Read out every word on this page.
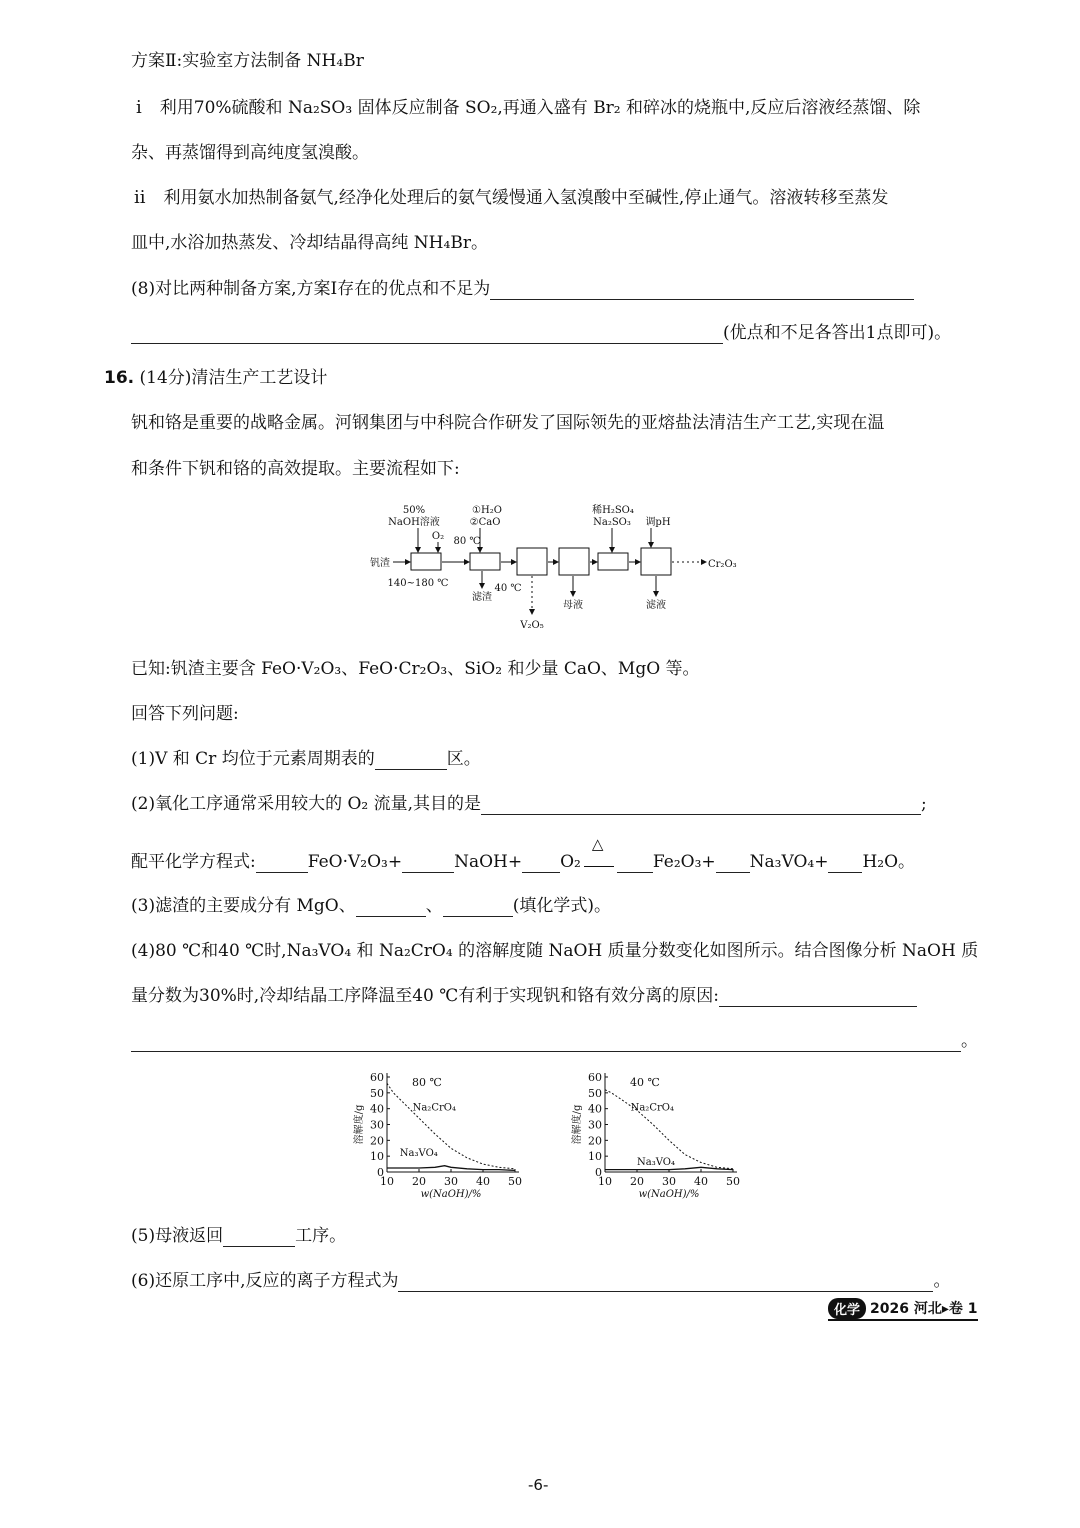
方案Ⅱ:实验室方法制备 NH₄Br
i 利用70%硫酸和 Na₂SO₃ 固体反应制备 SO₂,再通入盛有 Br₂ 和碎冰的烧瓶中,反应后溶液经蒸馏、除
杂、再蒸馏得到高纯度氢溴酸。
ii 利用氨水加热制备氨气,经净化处理后的氨气缓慢通入氢溴酸中至碱性,停止通气。溶液转移至蒸发
皿中,水浴加热蒸发、冷却结晶得高纯 NH₄Br。
(8)对比两种制备方案,方案Ⅰ存在的优点和不足为
(优点和不足各答出1点即可)。
16. (14分)清洁生产工艺设计
钒和铬是重要的战略金属。河钢集团与中科院合作研发了国际领先的亚熔盐法清洁生产工艺,实现在温
和条件下钒和铬的高效提取。主要流程如下:
50%
NaOH溶液
O₂
①H₂O
②CaO
80 ℃
稀H₂SO₄
Na₂SO₃ 调pH
钒渣
140~180 ℃
滤渣
40 ℃
V₂O₅
母液	滤液
Cr₂O₃
已知:钒渣主要含 FeO·V₂O₃、FeO·Cr₂O₃、SiO₂ 和少量 CaO、MgO 等。
回答下列问题:
(1)V 和 Cr 均位于元素周期表的	区。
(2)氧化工序通常采用较大的 O₂ 流量,其目的是	;
配平化学方程式:	FeO·V₂O₃+	NaOH+ O₂
△
Fe₂O₃+ Na₃VO₄+ H₂O。
(3)滤渣的主要成分有 MgO、	、	(填化学式)。
(4)80 ℃和40 ℃时,Na₃VO₄ 和 Na₂CrO₄ 的溶解度随 NaOH 质量分数变化如图所示。结合图像分析 NaOH 质
量分数为30%时,冷却结晶工序降温至40 ℃有利于实现钒和铬有效分离的原因:
。
0
10
20
30
40
50
60
10 20 30 40 50
w(NaOH)/%
溶解度/g
80 ℃
Na₂CrO₄
Na₃VO₄
0
10
20
30
40
50
60
10 20 30 40 50
w(NaOH)/%
溶解度/g
40 ℃
Na₂CrO₄
Na₃VO₄
(5)母液返回	工序。
(6)还原工序中,反应的离子方程式为	。
化学 2026 河北▸卷 1
-6-
